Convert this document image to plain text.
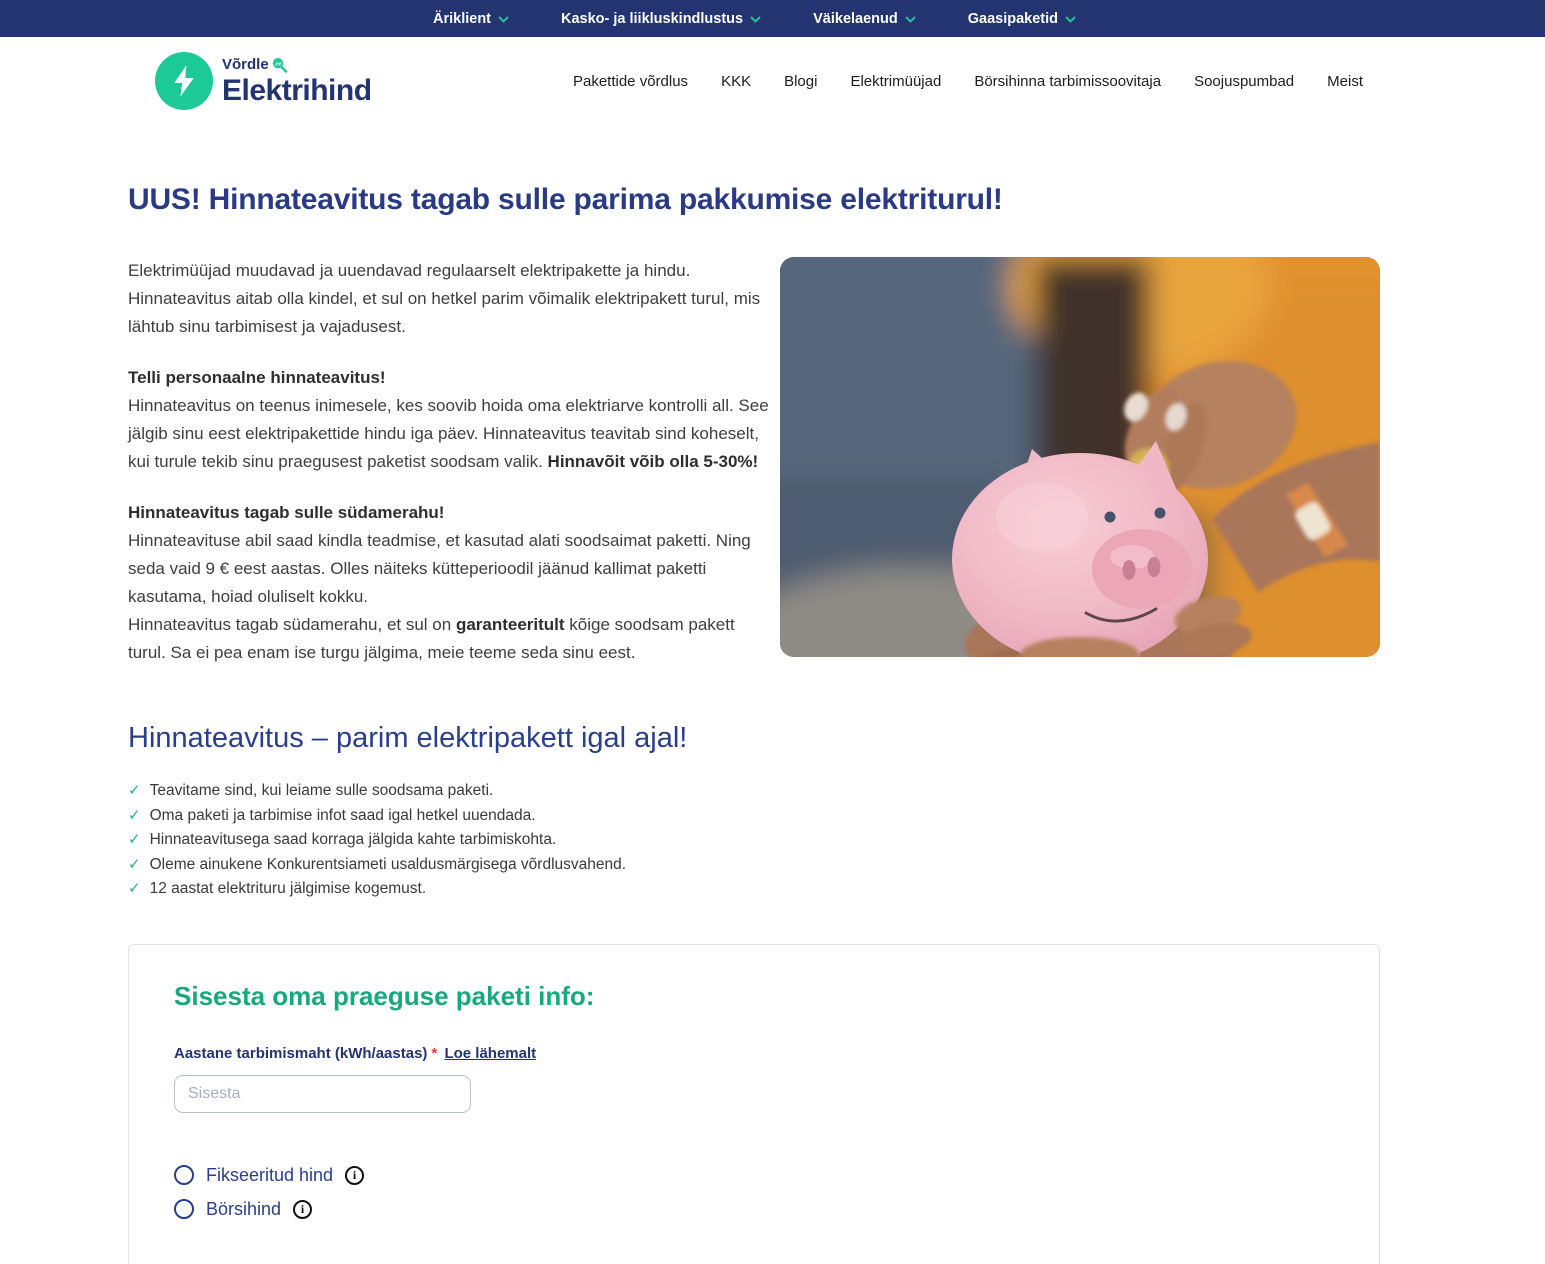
Äriklient	Kasko- ja liikluskindlustus	Väikelaenud	Gaasipaketid
Võrdle .ee
Elektrihind	Pakettide võrdlus KKK Blogi Elektrimüüjad Börsihinna tarbimissoovitaja Soojuspumbad Meist
UUS! Hinnateavitus tagab sulle parima pakkumise elektriturul!
Elektrimüüjad muudavad ja uuendavad regulaarselt elektripakette ja hindu. Hinnateavitus aitab olla kindel, et sul on hetkel parim võimalik elektripakett turul, mis lähtub sinu tarbimisest ja vajadusest.
Telli personaalne hinnateavitus!
Hinnateavitus on teenus inimesele, kes soovib hoida oma elektriarve kontrolli all. See jälgib sinu eest elektripakettide hindu iga päev. Hinnateavitus teavitab sind koheselt, kui turule tekib sinu praegusest paketist soodsam valik. Hinnavõit võib olla 5-30%!
Hinnateavitus tagab sulle südamerahu!
Hinnateavituse abil saad kindla teadmise, et kasutad alati soodsaimat paketti. Ning seda vaid 9 € eest aastas. Olles näiteks kütteperioodil jäänud kallimat paketti kasutama, hoiad oluliselt kokku.
Hinnateavitus tagab südamerahu, et sul on garanteeritult kõige soodsam pakett turul. Sa ei pea enam ise turgu jälgima, meie teeme seda sinu eest.
Hinnateavitus – parim elektripakett igal ajal!
✓ Teavitame sind, kui leiame sulle soodsama paketi.
✓ Oma paketi ja tarbimise infot saad igal hetkel uuendada.
✓ Hinnateavitusega saad korraga jälgida kahte tarbimiskohta.
✓ Oleme ainukene Konkurentsiameti usaldusmärgisega võrdlusvahend.
✓ 12 aastat elektrituru jälgimise kogemust.
Sisesta oma praeguse paketi info:
Aastane tarbimismaht (kWh/aastas) * Loe lähemalt
Sisesta
Fikseeritud hind	i
Börsihind	i
